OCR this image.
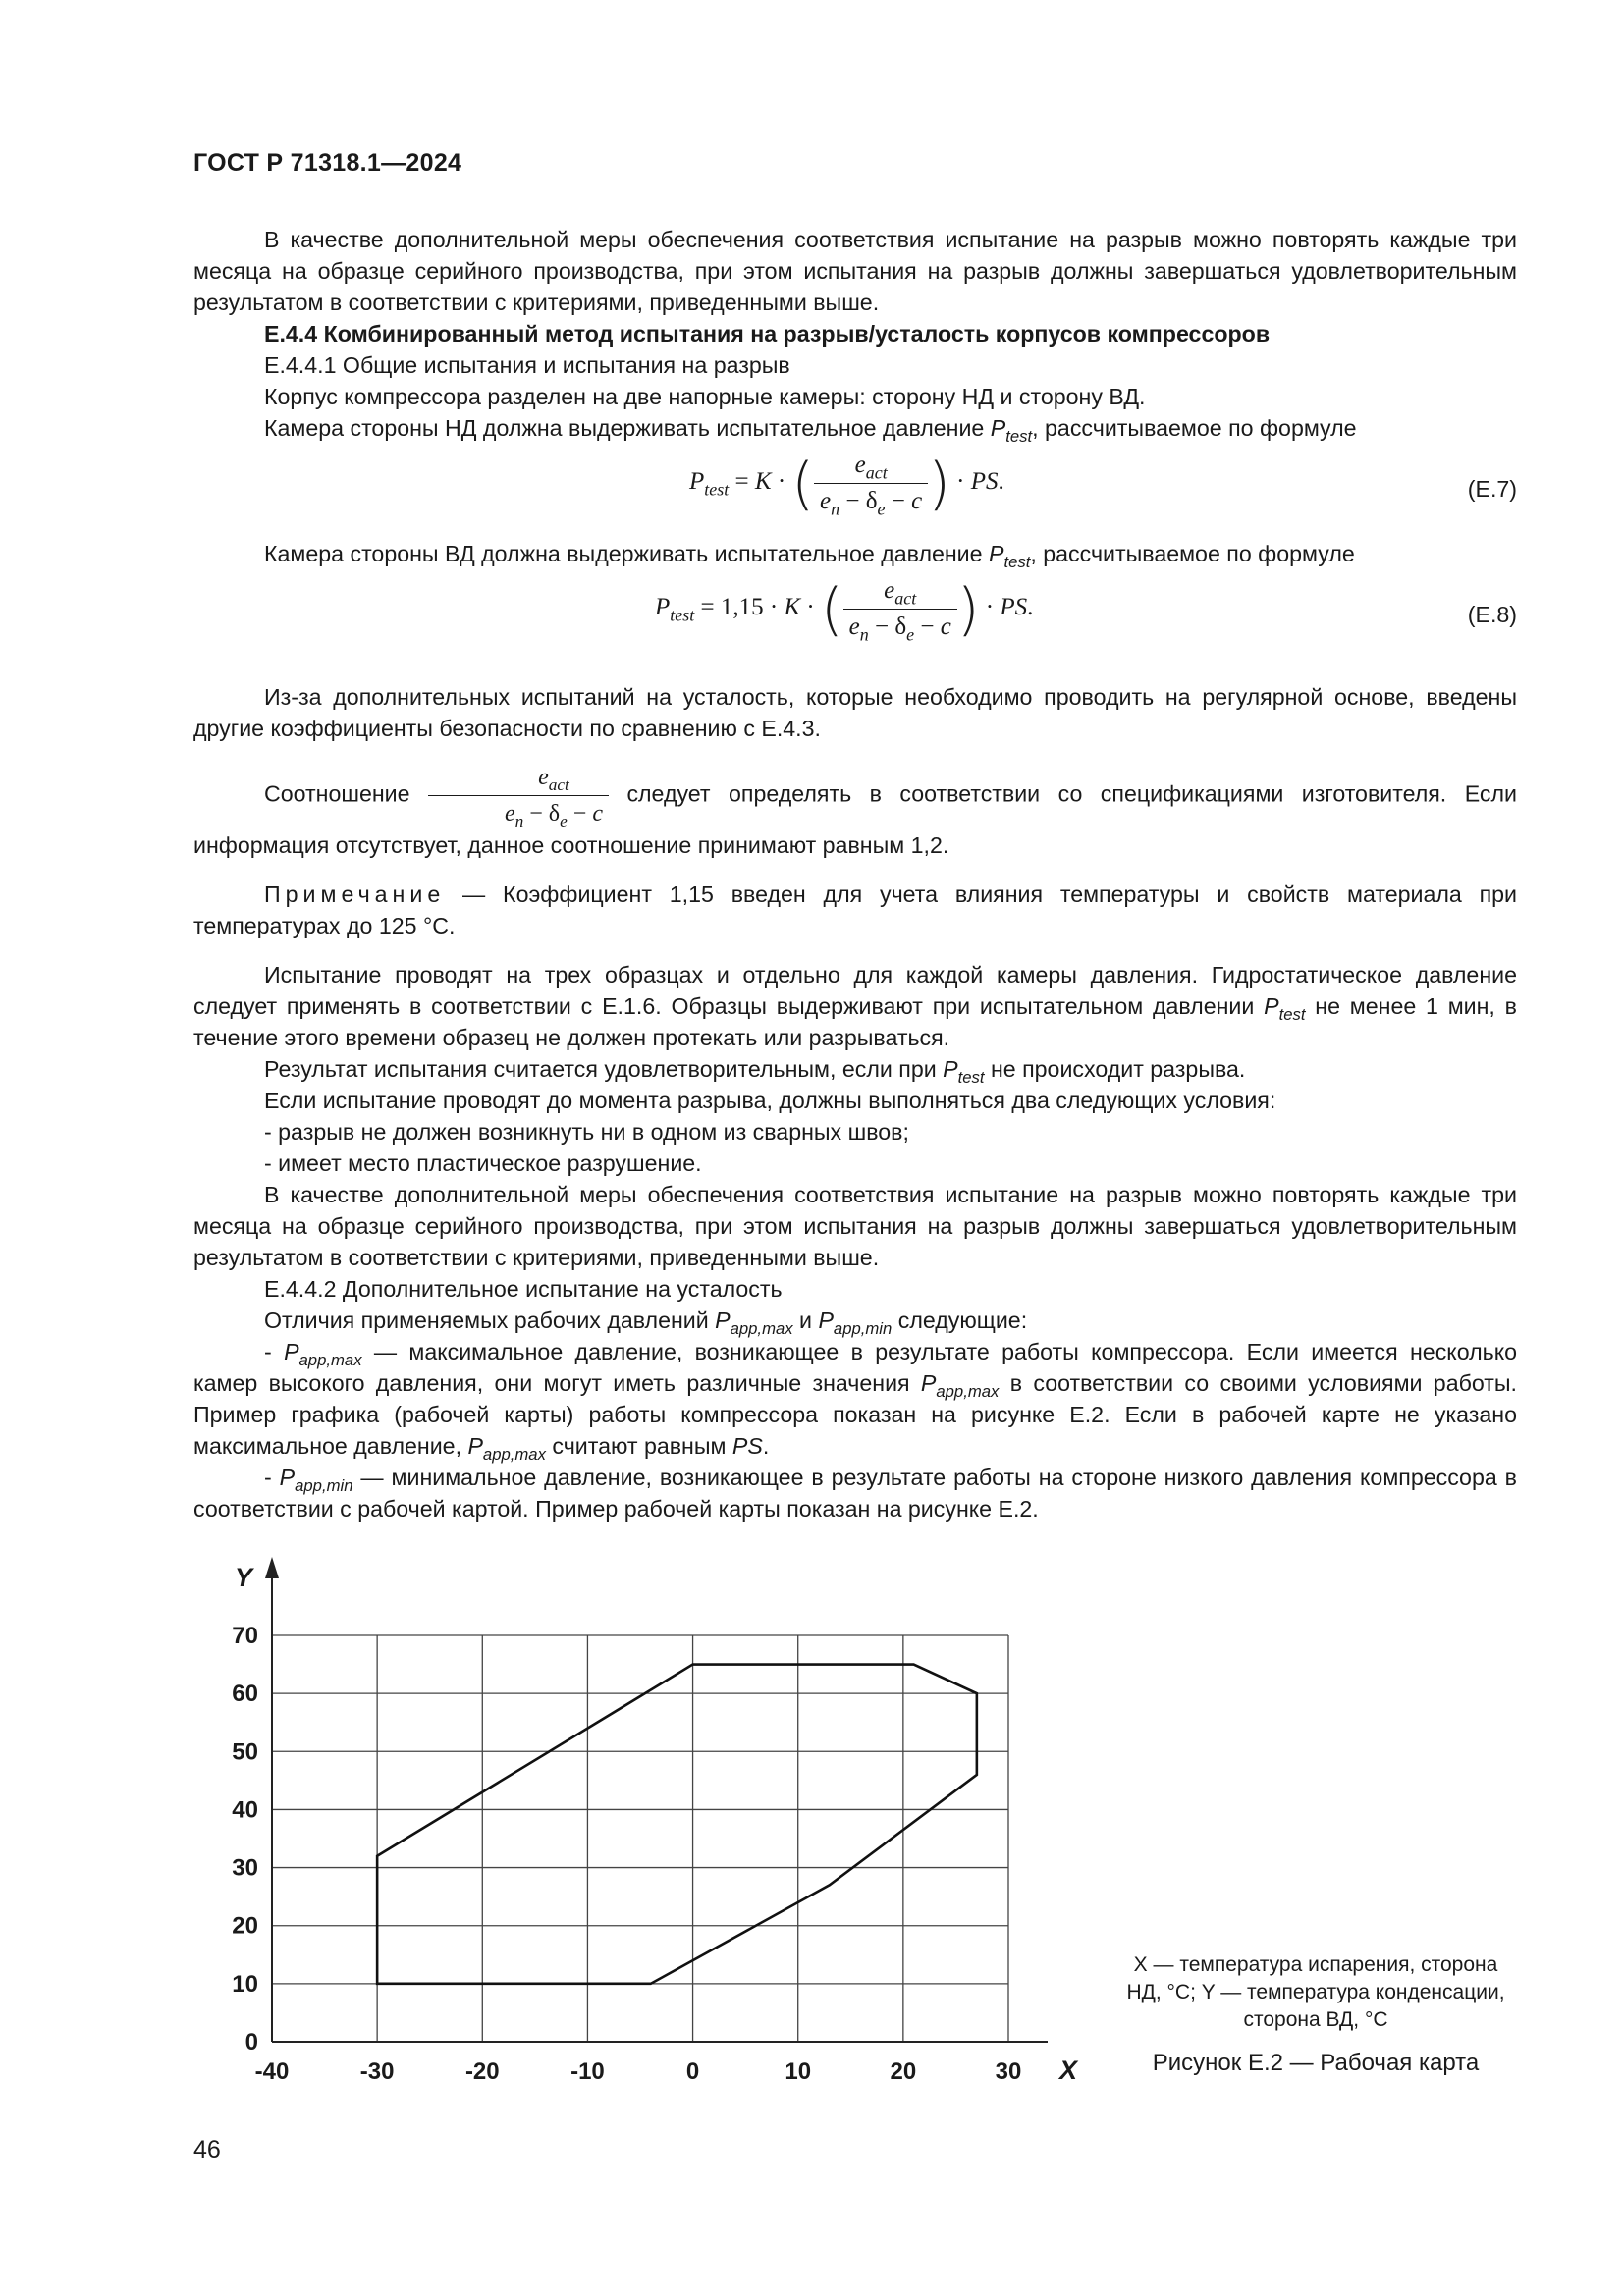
ГОСТ Р 71318.1—2024

В качестве дополнительной меры обеспечения соответствия испытание на разрыв можно повторять каждые три месяца на образце серийного производства, при этом испытания на разрыв должны завершаться удовлетворительным результатом в соответствии с критериями, приведенными выше.

Е.4.4 Комбинированный метод испытания на разрыв/усталость корпусов компрессоров

Е.4.4.1 Общие испытания и испытания на разрыв

Корпус компрессора разделен на две напорные камеры: сторону НД и сторону ВД.

Камера стороны НД должна выдерживать испытательное давление $P_{test}$, рассчитываемое по формуле

$P_{test} = K$ · ( $\frac{e_{act}}{e_n - \delta_e - c}$ ) · PS.	(Е.7)

Камера стороны ВД должна выдерживать испытательное давление $P_{test}$, рассчитываемое по формуле

$P_{test} = 1,15 \cdot K$ · ( $\frac{e_{act}}{e_n - \delta_e - c}$ ) · PS.	(Е.8)

Из-за дополнительных испытаний на усталость, которые необходимо проводить на регулярной основе, введены другие коэффициенты безопасности по сравнению с Е.4.3.

Соотношение $\frac{e_{act}}{e_n - \delta_e - c}$ следует определять в соответствии со спецификациями изготовителя. Если информация отсутствует, данное соотношение принимают равным 1,2.

Примечание — Коэффициент 1,15 введен для учета влияния температуры и свойств материала при температурах до 125 °С.

Испытание проводят на трех образцах и отдельно для каждой камеры давления. Гидростатическое давление следует применять в соответствии с Е.1.6. Образцы выдерживают при испытательном давлении $P_{test}$ не менее 1 мин, в течение этого времени образец не должен протекать или разрываться.

Результат испытания считается удовлетворительным, если при $P_{test}$ не происходит разрыва.

Если испытание проводят до момента разрыва, должны выполняться два следующих условия:

- разрыв не должен возникнуть ни в одном из сварных швов;

- имеет место пластическое разрушение.

В качестве дополнительной меры обеспечения соответствия испытание на разрыв можно повторять каждые три месяца на образце серийного производства, при этом испытания на разрыв должны завершаться удовлетворительным результатом в соответствии с критериями, приведенными выше.

Е.4.4.2 Дополнительное испытание на усталость

Отличия применяемых рабочих давлений $P_{app,max}$ и $P_{app,min}$ следующие:

- $P_{app,max}$ — максимальное давление, возникающее в результате работы компрессора. Если имеется несколько камер высокого давления, они могут иметь различные значения $P_{app,max}$ в соответствии со своими условиями работы. Пример графика (рабочей карты) работы компрессора показан на рисунке Е.2. Если в рабочей карте не указано максимальное давление, $P_{app,max}$ считают равным PS.

- $P_{app,min}$ — минимальное давление, возникающее в результате работы на стороне низкого давления компрессора в соответствии с рабочей картой. Пример рабочей карты показан на рисунке Е.2.

0
10
20
30
40
50
60
70
-40	-30	-20	-10	0	10	20	30
Y
X
X — температура испарения, сторона НД, °С; Y — температура конденсации, сторона ВД, °С
Рисунок Е.2 — Рабочая карта
46
